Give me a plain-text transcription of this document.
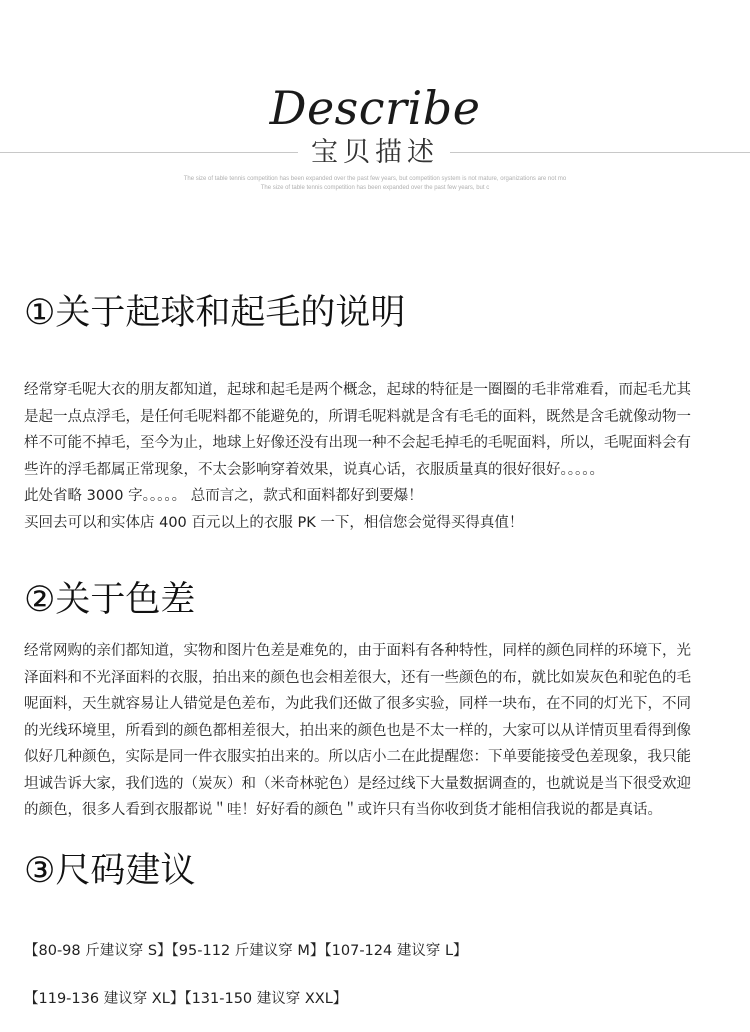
Describe
宝贝描述
The size of table tennis competition has been expanded over the past few years, but competition system is not mature, organizations are not mo
The size of table tennis competition has been expanded over the past few years, but c
①关于起球和起毛的说明
经常穿毛呢大衣的朋友都知道，起球和起毛是两个概念，起球的特征是一圈圈的毛非常难看，而起毛尤其
是起一点点浮毛，是任何毛呢料都不能避免的，所谓毛呢料就是含有毛毛的面料，既然是含毛就像动物一
样不可能不掉毛，至今为止，地球上好像还没有出现一种不会起毛掉毛的毛呢面料，所以，毛呢面料会有
些许的浮毛都属正常现象，不太会影响穿着效果，说真心话，衣服质量真的很好很好。。。。。
此处省略 3000 字。。。。。 总而言之，款式和面料都好到要爆！
买回去可以和实体店 400 百元以上的衣服 PK 一下，相信您会觉得买得真值！
②关于色差
经常网购的亲们都知道，实物和图片色差是难免的，由于面料有各种特性，同样的颜色同样的环境下，光
泽面料和不光泽面料的衣服，拍出来的颜色也会相差很大，还有一些颜色的布，就比如炭灰色和驼色的毛
呢面料，天生就容易让人错觉是色差布，为此我们还做了很多实验，同样一块布，在不同的灯光下，不同
的光线环境里，所看到的颜色都相差很大，拍出来的颜色也是不太一样的，大家可以从详情页里看得到像
似好几种颜色，实际是同一件衣服实拍出来的。所以店小二在此提醒您：下单要能接受色差现象，我只能
坦诚告诉大家，我们选的（炭灰）和（米奇林驼色）是经过线下大量数据调查的，也就说是当下很受欢迎
的颜色，很多人看到衣服都说＂哇！好好看的颜色＂或许只有当你收到货才能相信我说的都是真话。
③尺码建议
【80-98 斤建议穿 S】【95-112 斤建议穿 M】【107-124 建议穿 L】
【119-136 建议穿 XL】【131-150 建议穿 XXL】
